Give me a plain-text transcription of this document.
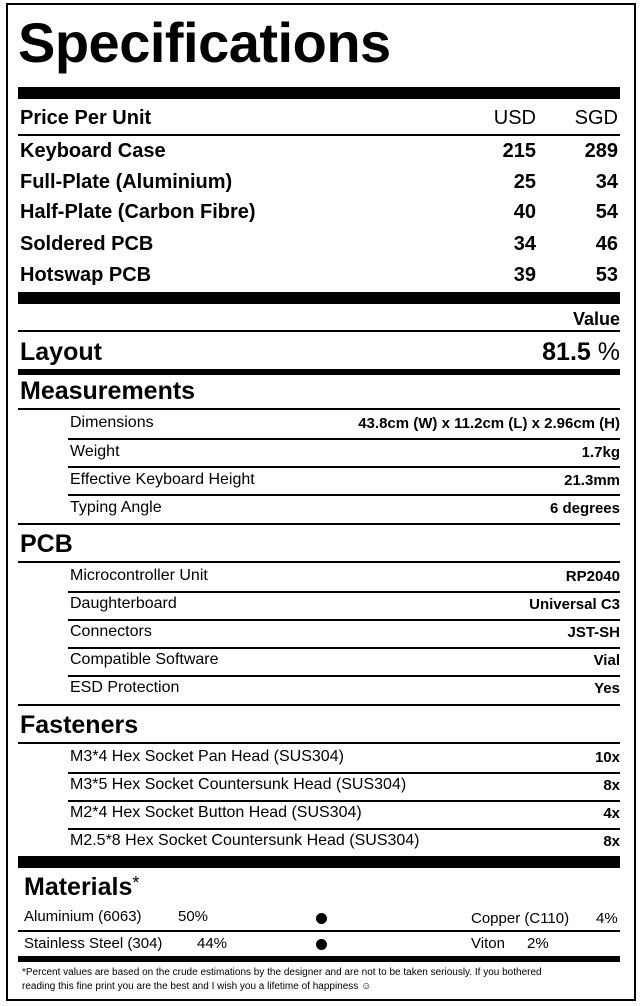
Specifications
Price Per Unit	USD	SGD
Keyboard Case	215	289
Full-Plate (Aluminium)	25	34
Half-Plate (Carbon Fibre)	40	54
Soldered PCB	34	46
Hotswap PCB	39	53
Value
Layout	81.5 %
Measurements
Dimensions	43.8cm (W) x 11.2cm (L) x 2.96cm (H)
Weight	1.7kg
Effective Keyboard Height	21.3mm
Typing Angle	6 degrees
PCB
Microcontroller Unit	RP2040
Daughterboard	Universal C3
Connectors	JST-SH
Compatible Software	Vial
ESD Protection	Yes
Fasteners
M3*4 Hex Socket Pan Head (SUS304)	10x
M3*5 Hex Socket Countersunk Head (SUS304)	8x
M2*4 Hex Socket Button Head (SUS304)	4x
M2.5*8 Hex Socket Countersunk Head (SUS304)	8x
Materials*
Aluminium (6063) 50%	Copper (C110) 4%
Stainless Steel (304) 44%	Viton 2%
*Percent values are based on the crude estimations by the designer and are not to be taken seriously. If you bothered
reading this fine print you are the best and I wish you a lifetime of happiness ☺
